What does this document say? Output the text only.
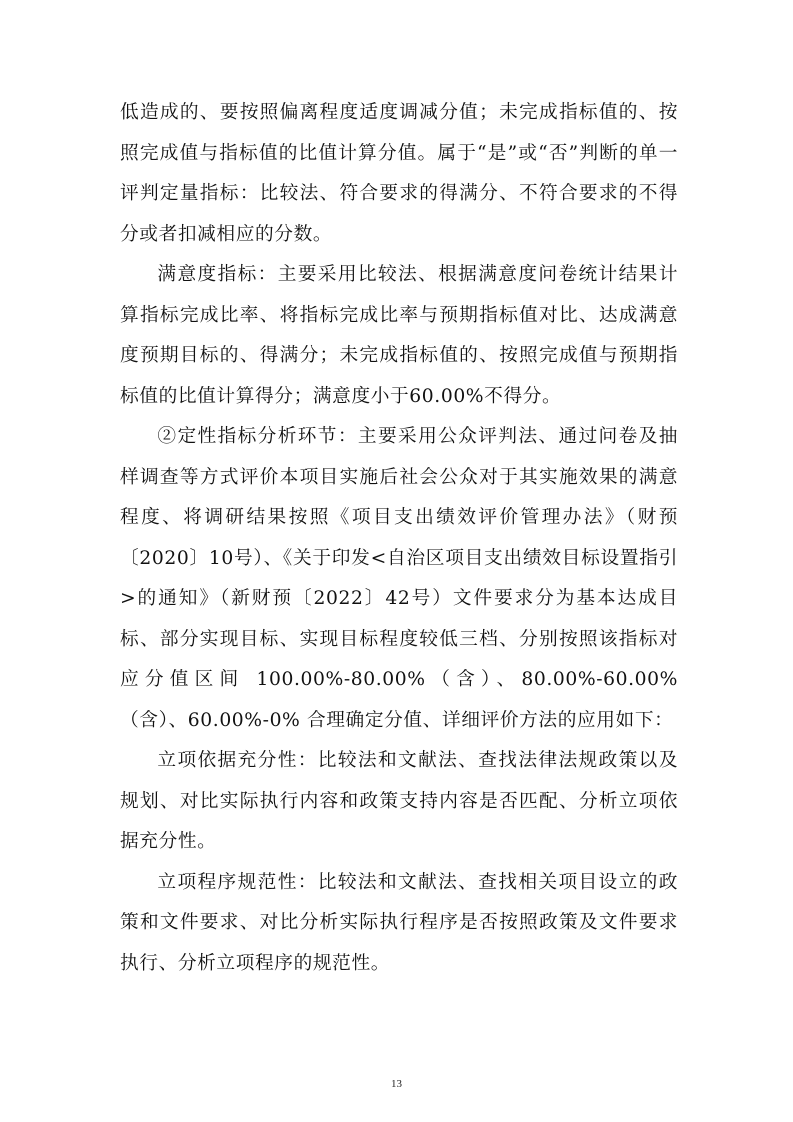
低造成的、要按照偏离程度适度调减分值；未完成指标值的、按照完成值与指标值的比值计算分值。属于“是”或“否”判断的单一评判定量指标：比较法、符合要求的得满分、不符合要求的不得分或者扣减相应的分数。

满意度指标：主要采用比较法、根据满意度问卷统计结果计算指标完成比率、将指标完成比率与预期指标值对比、达成满意度预期目标的、得满分；未完成指标值的、按照完成值与预期指标值的比值计算得分；满意度小于60.00%不得分。

②定性指标分析环节：主要采用公众评判法、通过问卷及抽样调查等方式评价本项目实施后社会公众对于其实施效果的满意程度、将调研结果按照《项目支出绩效评价管理办法》（财预〔2020〕10号）、《关于印发<自治区项目支出绩效目标设置指引>的通知》（新财预〔2022〕42号）文件要求分为基本达成目标、部分实现目标、实现目标程度较低三档、分别按照该指标对应分值区间 100.00%-80.00%（含）、80.00%-60.00%（含）、60.00%-0% 合理确定分值、详细评价方法的应用如下：

立项依据充分性：比较法和文献法、查找法律法规政策以及规划、对比实际执行内容和政策支持内容是否匹配、分析立项依据充分性。

立项程序规范性：比较法和文献法、查找相关项目设立的政策和文件要求、对比分析实际执行程序是否按照政策及文件要求执行、分析立项程序的规范性。

13
